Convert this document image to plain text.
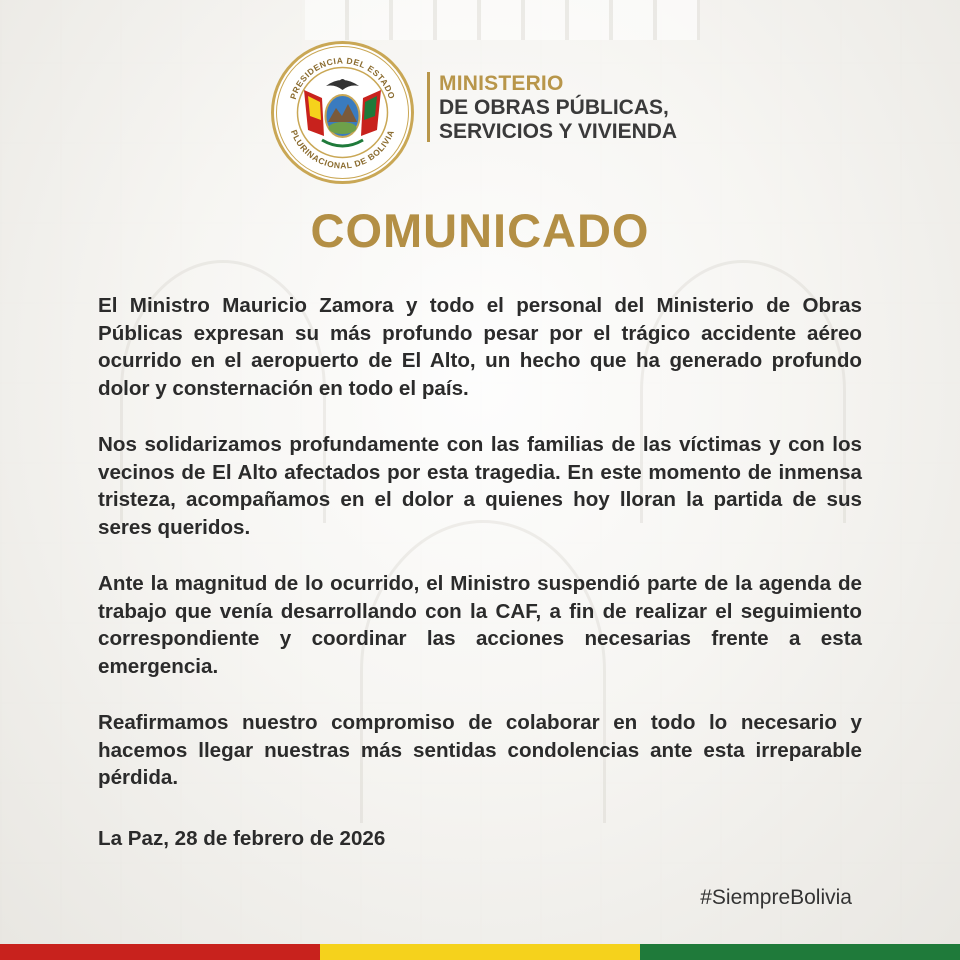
PRESIDENCIA DEL ESTADO
PLURINACIONAL DE BOLIVIA
MINISTERIO
DE OBRAS PÚBLICAS,
SERVICIOS Y VIVIENDA
COMUNICADO

El Ministro Mauricio Zamora y todo el personal del Ministerio de Obras Públicas expresan su más profundo pesar por el trágico accidente aéreo ocurrido en el aeropuerto de El Alto, un hecho que ha generado profundo dolor y consternación en todo el país.

Nos solidarizamos profundamente con las familias de las víctimas y con los vecinos de El Alto afectados por esta tragedia. En este momento de inmensa tristeza, acompañamos en el dolor a quienes hoy lloran la partida de sus seres queridos.

Ante la magnitud de lo ocurrido, el Ministro suspendió parte de la agenda de trabajo que venía desarrollando con la CAF, a fin de realizar el seguimiento correspondiente y coordinar las acciones necesarias frente a esta emergencia.

Reafirmamos nuestro compromiso de colaborar en todo lo necesario y hacemos llegar nuestras más sentidas condolencias ante esta irreparable pérdida.

La Paz, 28 de febrero de 2026
#SiempreBolivia
